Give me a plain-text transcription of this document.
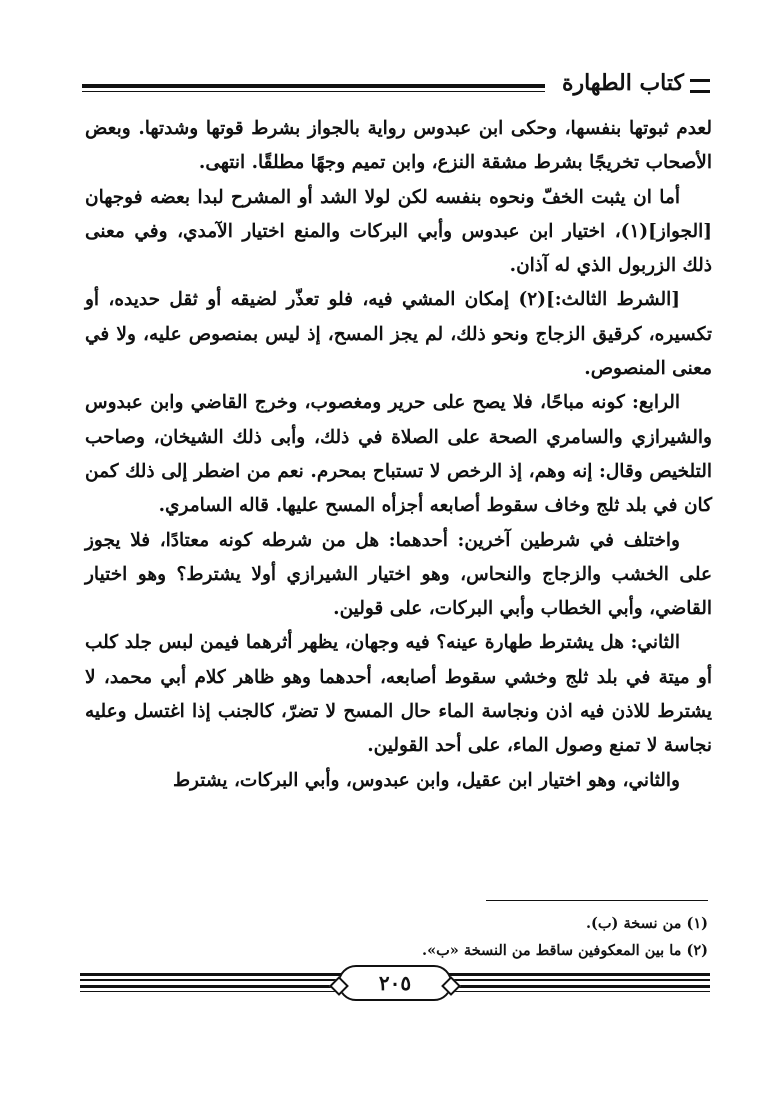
كتاب الطهارة

لعدم ثبوتها بنفسها، وحكى ابن عبدوس رواية بالجواز بشرط قوتها وشدتها. وبعض الأصحاب تخريجًا بشرط مشقة النزع، وابن تميم وجهًا مطلقًا. انتهى.

أما ان يثبت الخفّ ونحوه بنفسه لكن لولا الشد أو المشرح لبدا بعضه فوجهان [الجواز](١)، اختيار ابن عبدوس وأبي البركات والمنع اختيار الآمدي، وفي معنى ذلك الزربول الذي له آذان.

[الشرط الثالث:](٢) إمكان المشي فيه، فلو تعذّر لضيقه أو ثقل حديده، أو تكسيره، كرقيق الزجاج ونحو ذلك، لم يجز المسح، إذ ليس بمنصوص عليه، ولا في معنى المنصوص.

الرابع: كونه مباحًا، فلا يصح على حرير ومغصوب، وخرج القاضي وابن عبدوس والشيرازي والسامري الصحة على الصلاة في ذلك، وأبى ذلك الشيخان، وصاحب التلخيص وقال: إنه وهم، إذ الرخص لا تستباح بمحرم. نعم من اضطر إلى ذلك كمن كان في بلد ثلج وخاف سقوط أصابعه أجزأه المسح عليها. قاله السامري.

واختلف في شرطين آخرين: أحدهما: هل من شرطه كونه معتادًا، فلا يجوز على الخشب والزجاج والنحاس، وهو اختيار الشيرازي أولا يشترط؟ وهو اختيار القاضي، وأبي الخطاب وأبي البركات، على قولين.

الثاني: هل يشترط طهارة عينه؟ فيه وجهان، يظهر أثرهما فيمن لبس جلد كلب أو ميتة في بلد ثلج وخشي سقوط أصابعه، أحدهما وهو ظاهر كلام أبي محمد، لا يشترط للاذن فيه اذن ونجاسة الماء حال المسح لا تضرّ، كالجنب إذا اغتسل وعليه نجاسة لا تمنع وصول الماء، على أحد القولين.

والثاني، وهو اختيار ابن عقيل، وابن عبدوس، وأبي البركات، يشترط

(١) من نسخة (ب).
(٢) ما بين المعكوفين ساقط من النسخة «ب».
٢٠٥
